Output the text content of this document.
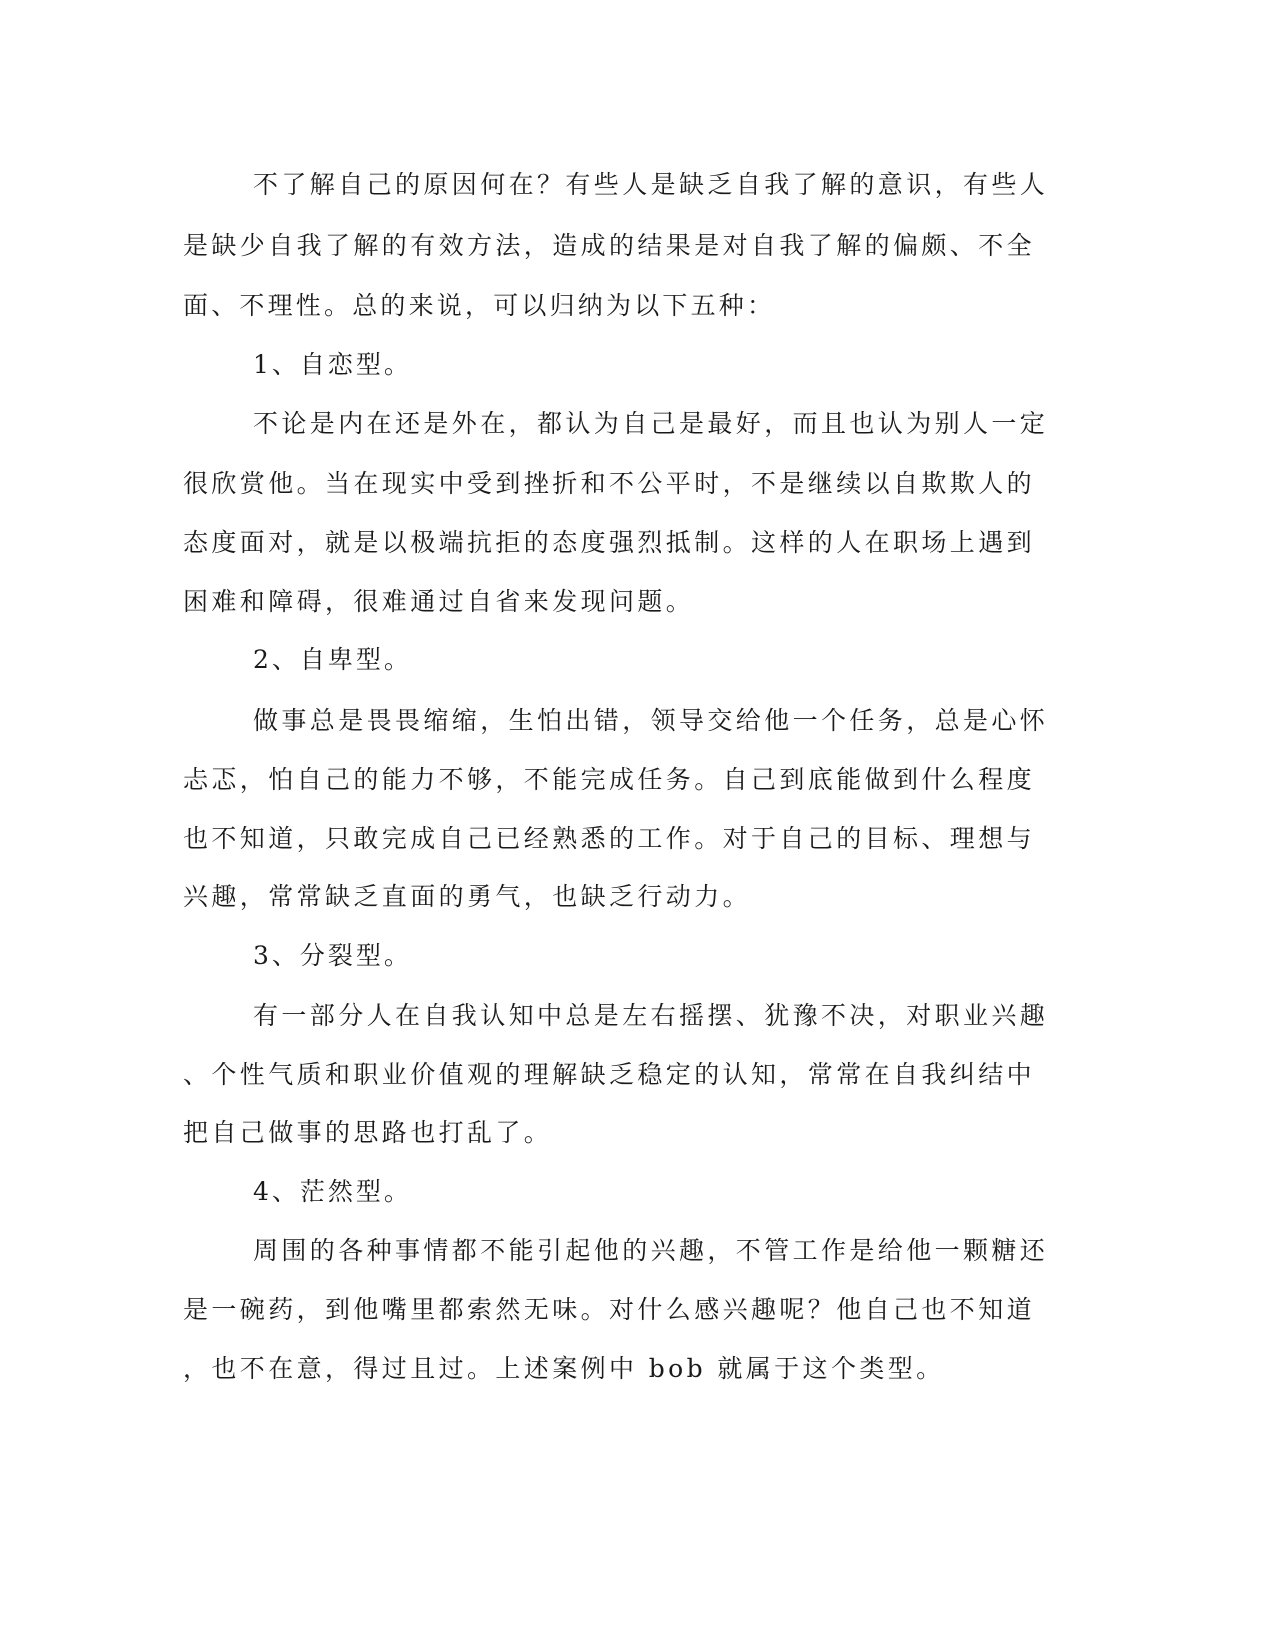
不了解自己的原因何在？有些人是缺乏自我了解的意识，有些人
是缺少自我了解的有效方法，造成的结果是对自我了解的偏颇、不全
面、不理性。总的来说，可以归纳为以下五种：
1、自恋型。
不论是内在还是外在，都认为自己是最好，而且也认为别人一定
很欣赏他。当在现实中受到挫折和不公平时，不是继续以自欺欺人的
态度面对，就是以极端抗拒的态度强烈抵制。这样的人在职场上遇到
困难和障碍，很难通过自省来发现问题。
2、自卑型。
做事总是畏畏缩缩，生怕出错，领导交给他一个任务，总是心怀
忐忑，怕自己的能力不够，不能完成任务。自己到底能做到什么程度
也不知道，只敢完成自己已经熟悉的工作。对于自己的目标、理想与
兴趣，常常缺乏直面的勇气，也缺乏行动力。
3、分裂型。
有一部分人在自我认知中总是左右摇摆、犹豫不决，对职业兴趣
、个性气质和职业价值观的理解缺乏稳定的认知，常常在自我纠结中
把自己做事的思路也打乱了。
4、茫然型。
周围的各种事情都不能引起他的兴趣，不管工作是给他一颗糖还
是一碗药，到他嘴里都索然无味。对什么感兴趣呢？他自己也不知道
，也不在意，得过且过。上述案例中 bob 就属于这个类型。
